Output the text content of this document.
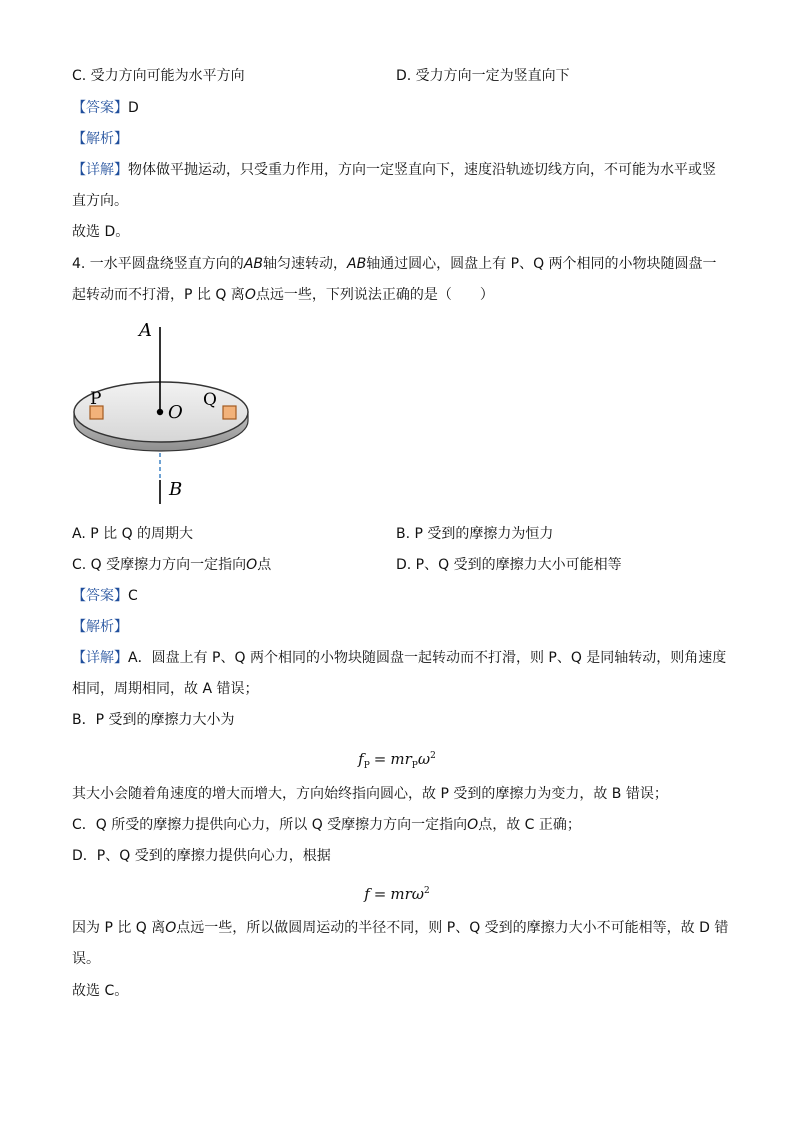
C. 受力方向可能为水平方向	D. 受力方向一定为竖直向下
【答案】D
【解析】
【详解】物体做平抛运动，只受重力作用，方向一定竖直向下，速度沿轨迹切线方向，不可能为水平或竖
直方向。
故选 D。
4. 一水平圆盘绕竖直方向的AB轴匀速转动，AB轴通过圆心，圆盘上有 P、Q 两个相同的小物块随圆盘一
起转动而不打滑，P 比 Q 离O点远一些，下列说法正确的是（　　）
A
P
O
Q
B
A. P 比 Q 的周期大	B. P 受到的摩擦力为恒力
C. Q 受摩擦力方向一定指向O点	D. P、Q 受到的摩擦力大小可能相等
【答案】C
【解析】
【详解】A．圆盘上有 P、Q 两个相同的小物块随圆盘一起转动而不打滑，则 P、Q 是同轴转动，则角速度
相同，周期相同，故 A 错误；
B．P 受到的摩擦力大小为
$f_P = mr_P\omega^2$
其大小会随着角速度的增大而增大，方向始终指向圆心，故 P 受到的摩擦力为变力，故 B 错误；
C．Q 所受的摩擦力提供向心力，所以 Q 受摩擦力方向一定指向O点，故 C 正确；
D．P、Q 受到的摩擦力提供向心力，根据
f = mrω$^2$
因为 P 比 Q 离O点远一些，所以做圆周运动的半径不同，则 P、Q 受到的摩擦力大小不可能相等，故 D 错
误。
故选 C。
